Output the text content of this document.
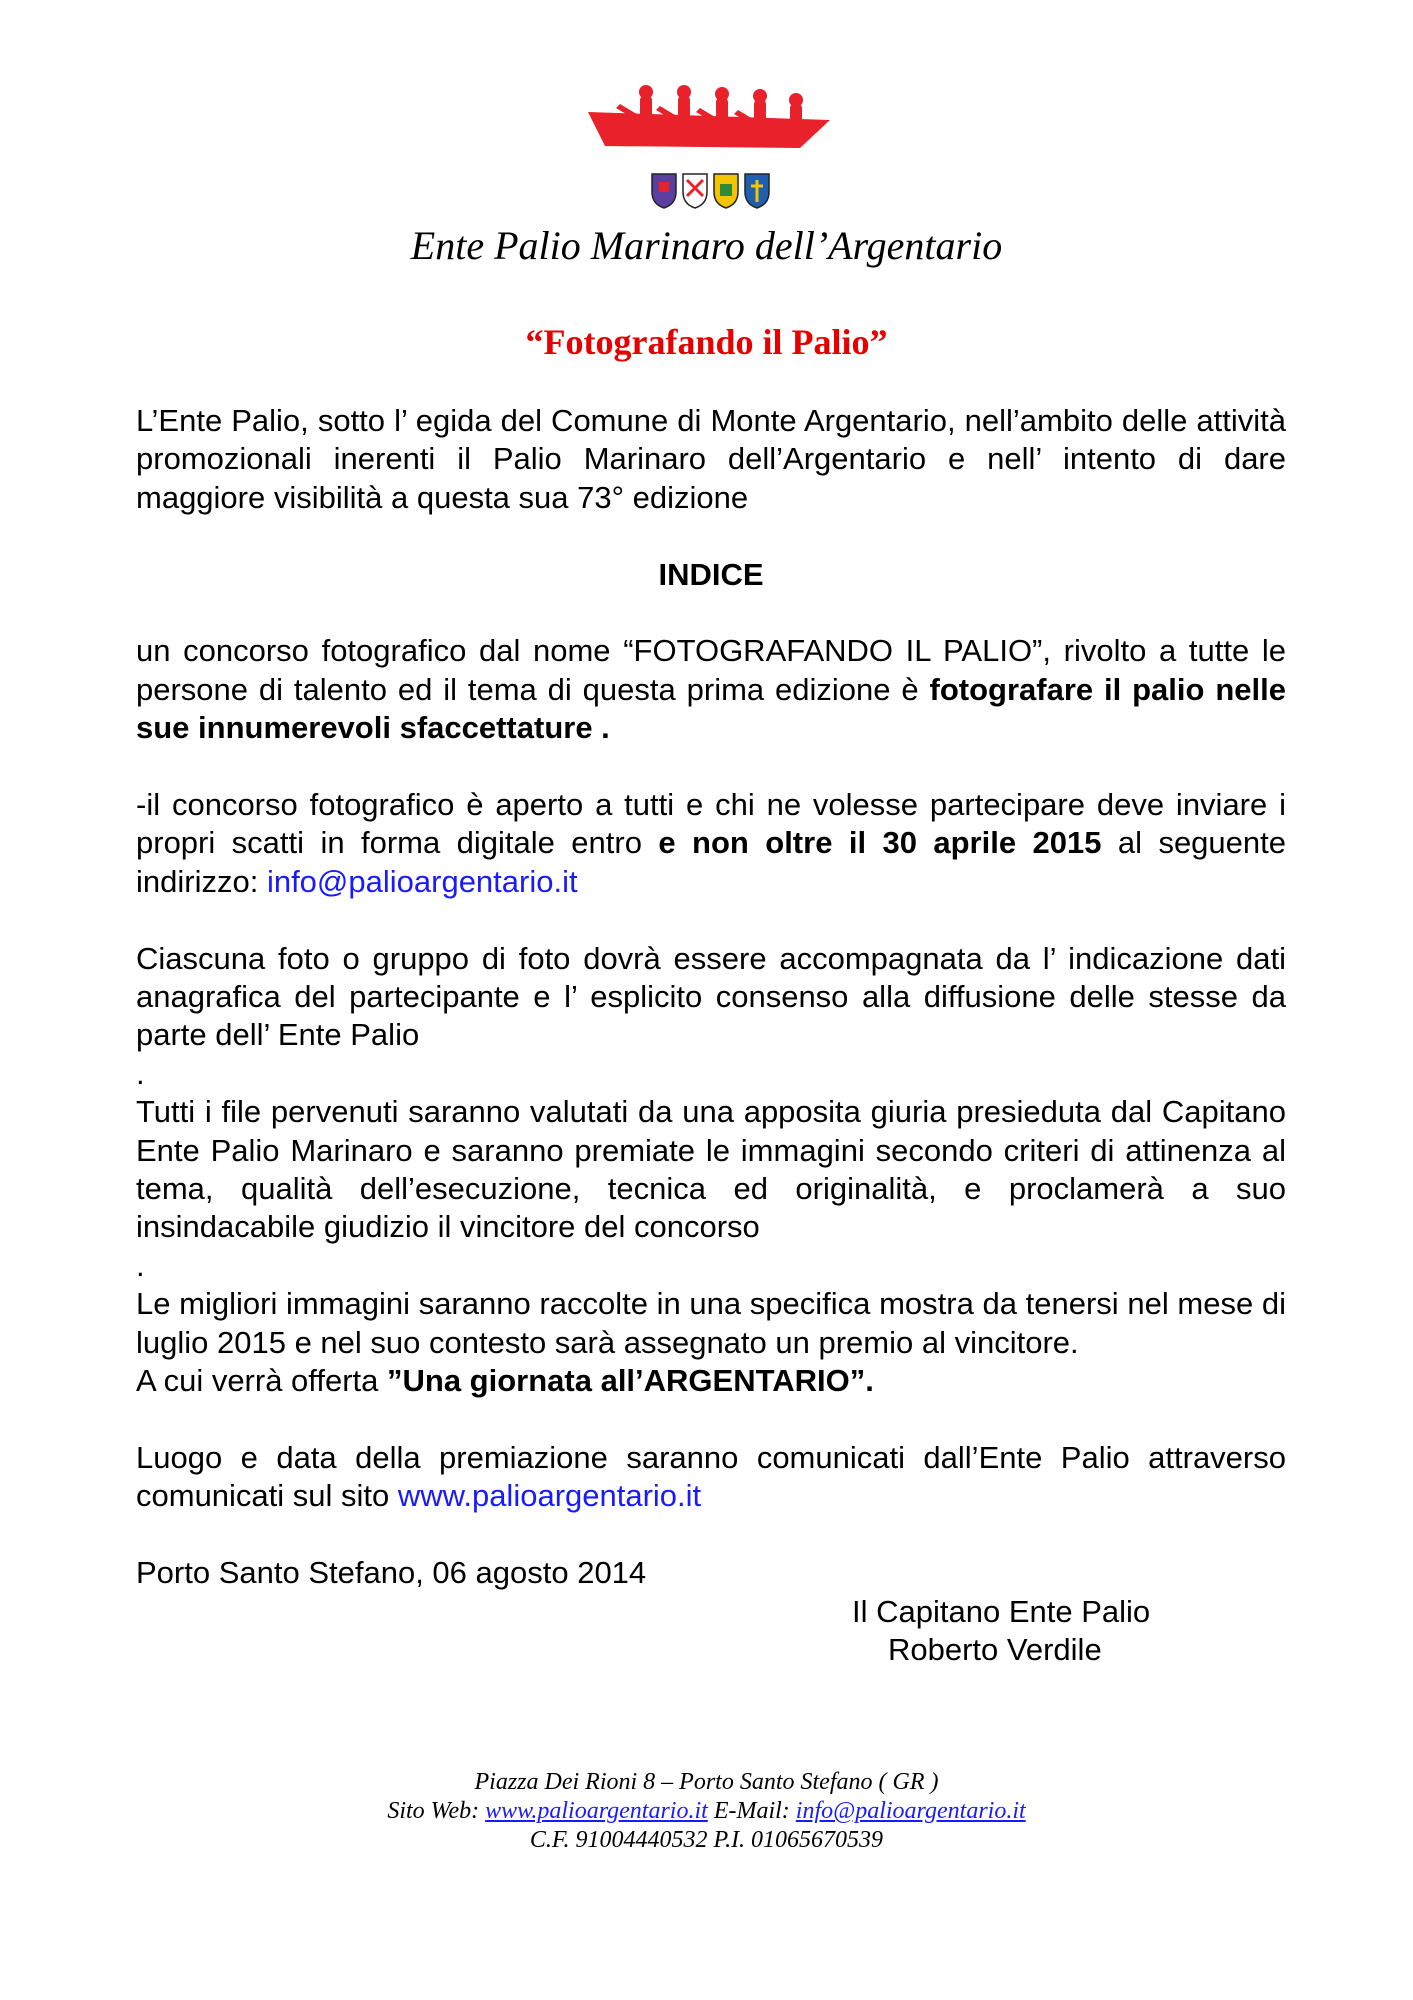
Ente Palio Marinaro dell’Argentario
“Fotografando il Palio”

L’Ente Palio, sotto l’ egida del Comune di Monte Argentario, nell’ambito delle attività promozionali inerenti il Palio Marinaro dell’Argentario e nell’ intento di dare maggiore visibilità a questa sua 73° edizione

INDICE

un concorso fotografico dal nome “FOTOGRAFANDO IL PALIO”, rivolto a tutte le persone di talento ed il tema di questa prima edizione è fotografare il palio nelle sue innumerevoli sfaccettature .

-il concorso fotografico è aperto a tutti e chi ne volesse partecipare deve inviare i propri scatti in forma digitale entro e non oltre il 30 aprile 2015 al seguente indirizzo: info@palioargentario.it

Ciascuna foto o gruppo di foto dovrà essere accompagnata da l’ indicazione dati anagrafica del partecipante e l’ esplicito consenso alla diffusione delle stesse da parte dell’ Ente Palio

.

Tutti i file pervenuti saranno valutati da una apposita giuria presieduta dal Capitano Ente Palio Marinaro e saranno premiate le immagini secondo criteri di attinenza al tema, qualità dell’esecuzione, tecnica ed originalità, e proclamerà a suo insindacabile giudizio il vincitore del concorso

.

Le migliori immagini saranno raccolte in una specifica mostra da tenersi nel mese di luglio 2015 e nel suo contesto sarà assegnato un premio al vincitore.

A cui verrà offerta ”Una giornata all’ARGENTARIO”.

Luogo e data della premiazione saranno comunicati dall’Ente Palio attraverso comunicati sul sito www.palioargentario.it

Porto Santo Stefano, 06 agosto 2014

Il Capitano Ente Palio

Roberto Verdile

Piazza Dei Rioni 8 – Porto Santo Stefano ( GR )
Sito Web: www.palioargentario.it E-Mail: info@palioargentario.it
C.F. 91004440532 P.I. 01065670539
